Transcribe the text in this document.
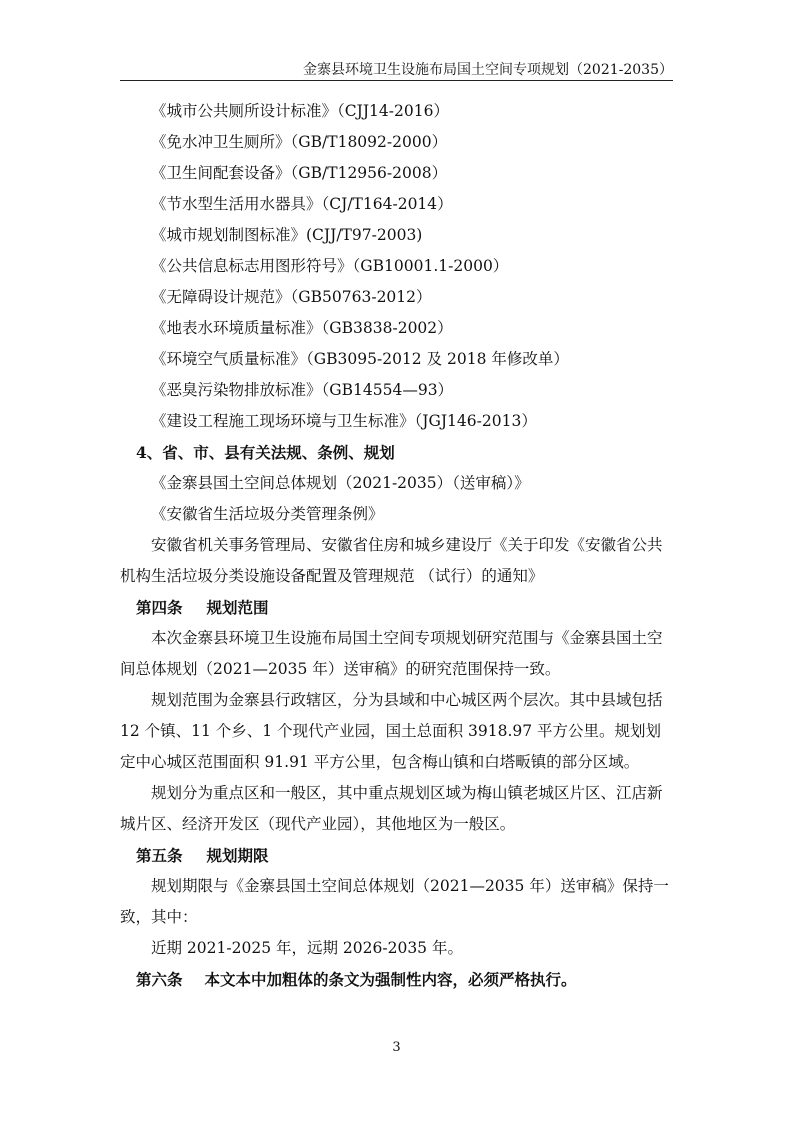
金寨县环境卫生设施布局国土空间专项规划（2021-2035）

《城市公共厕所设计标准》（CJJ14-2016）

《免水冲卫生厕所》（GB/T18092-2000）

《卫生间配套设备》（GB/T12956-2008）

《节水型生活用水器具》（CJ/T164-2014）

《城市规划制图标准》(CJJ/T97-2003)

《公共信息标志用图形符号》（GB10001.1-2000）

《无障碍设计规范》（GB50763-2012）

《地表水环境质量标准》（GB3838-2002）

《环境空气质量标准》（GB3095-2012 及 2018 年修改单）

《恶臭污染物排放标准》（GB14554—93）

《建设工程施工现场环境与卫生标准》（JGJ146-2013）

4、省、市、县有关法规、条例、规划

《金寨县国土空间总体规划（2021-2035）（送审稿）》

《安徽省生活垃圾分类管理条例》

安徽省机关事务管理局、安徽省住房和城乡建设厅《关于印发《安徽省公共机构生活垃圾分类设施设备配置及管理规范 （试行）的通知》

第四条 规划范围

本次金寨县环境卫生设施布局国土空间专项规划研究范围与《金寨县国土空间总体规划（2021—2035 年）送审稿》的研究范围保持一致。

规划范围为金寨县行政辖区，分为县域和中心城区两个层次。其中县域包括 12 个镇、11 个乡、1 个现代产业园，国土总面积 3918.97 平方公里。规划划定中心城区范围面积 91.91 平方公里，包含梅山镇和白塔畈镇的部分区域。

规划分为重点区和一般区，其中重点规划区域为梅山镇老城区片区、江店新城片区、经济开发区（现代产业园），其他地区为一般区。

第五条 规划期限

规划期限与《金寨县国土空间总体规划（2021—2035 年）送审稿》保持一致，其中：

近期 2021-2025 年，远期 2026-2035 年。

第六条 本文本中加粗体的条文为强制性内容，必须严格执行。

3
